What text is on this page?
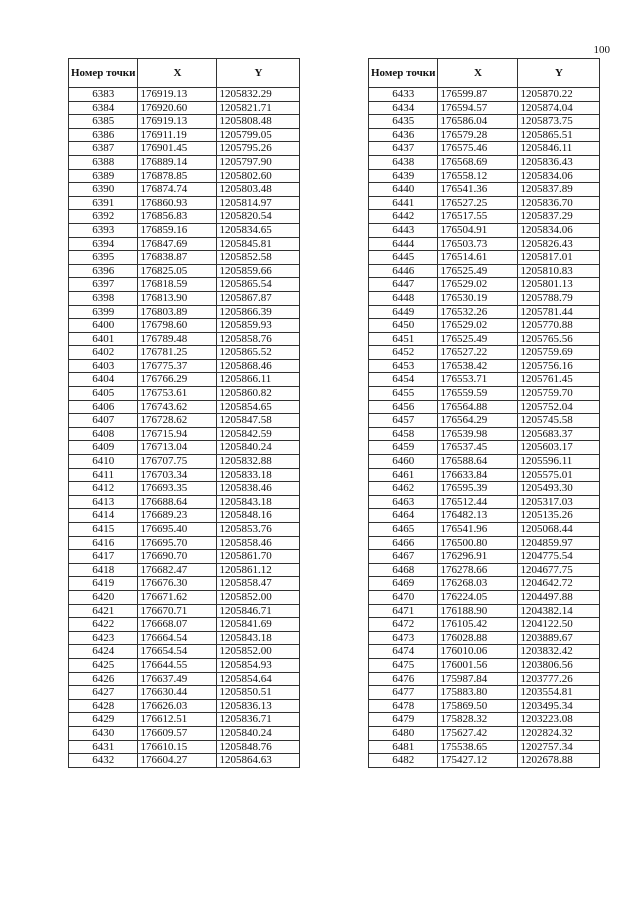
100
Номер точки	X	Y
6383	176919.13	1205832.29
6384	176920.60	1205821.71
6385	176919.13	1205808.48
6386	176911.19	1205799.05
6387	176901.45	1205795.26
6388	176889.14	1205797.90
6389	176878.85	1205802.60
6390	176874.74	1205803.48
6391	176860.93	1205814.97
6392	176856.83	1205820.54
6393	176859.16	1205834.65
6394	176847.69	1205845.81
6395	176838.87	1205852.58
6396	176825.05	1205859.66
6397	176818.59	1205865.54
6398	176813.90	1205867.87
6399	176803.89	1205866.39
6400	176798.60	1205859.93
6401	176789.48	1205858.76
6402	176781.25	1205865.52
6403	176775.37	1205868.46
6404	176766.29	1205866.11
6405	176753.61	1205860.82
6406	176743.62	1205854.65
6407	176728.62	1205847.58
6408	176715.94	1205842.59
6409	176713.04	1205840.24
6410	176707.75	1205832.88
6411	176703.34	1205833.18
6412	176693.35	1205838.46
6413	176688.64	1205843.18
6414	176689.23	1205848.16
6415	176695.40	1205853.76
6416	176695.70	1205858.46
6417	176690.70	1205861.70
6418	176682.47	1205861.12
6419	176676.30	1205858.47
6420	176671.62	1205852.00
6421	176670.71	1205846.71
6422	176668.07	1205841.69
6423	176664.54	1205843.18
6424	176654.54	1205852.00
6425	176644.55	1205854.93
6426	176637.49	1205854.64
6427	176630.44	1205850.51
6428	176626.03	1205836.13
6429	176612.51	1205836.71
6430	176609.57	1205840.24
6431	176610.15	1205848.76
6432	176604.27	1205864.63
Номер точки	X	Y
6433	176599.87	1205870.22
6434	176594.57	1205874.04
6435	176586.04	1205873.75
6436	176579.28	1205865.51
6437	176575.46	1205846.11
6438	176568.69	1205836.43
6439	176558.12	1205834.06
6440	176541.36	1205837.89
6441	176527.25	1205836.70
6442	176517.55	1205837.29
6443	176504.91	1205834.06
6444	176503.73	1205826.43
6445	176514.61	1205817.01
6446	176525.49	1205810.83
6447	176529.02	1205801.13
6448	176530.19	1205788.79
6449	176532.26	1205781.44
6450	176529.02	1205770.88
6451	176525.49	1205765.56
6452	176527.22	1205759.69
6453	176538.42	1205756.16
6454	176553.71	1205761.45
6455	176559.59	1205759.70
6456	176564.88	1205752.04
6457	176564.29	1205745.58
6458	176539.98	1205683.37
6459	176537.45	1205603.17
6460	176588.64	1205596.11
6461	176633.84	1205575.01
6462	176595.39	1205493.30
6463	176512.44	1205317.03
6464	176482.13	1205135.26
6465	176541.96	1205068.44
6466	176500.80	1204859.97
6467	176296.91	1204775.54
6468	176278.66	1204677.75
6469	176268.03	1204642.72
6470	176224.05	1204497.88
6471	176188.90	1204382.14
6472	176105.42	1204122.50
6473	176028.88	1203889.67
6474	176010.06	1203832.42
6475	176001.56	1203806.56
6476	175987.84	1203777.26
6477	175883.80	1203554.81
6478	175869.50	1203495.34
6479	175828.32	1203223.08
6480	175627.42	1202824.32
6481	175538.65	1202757.34
6482	175427.12	1202678.88
